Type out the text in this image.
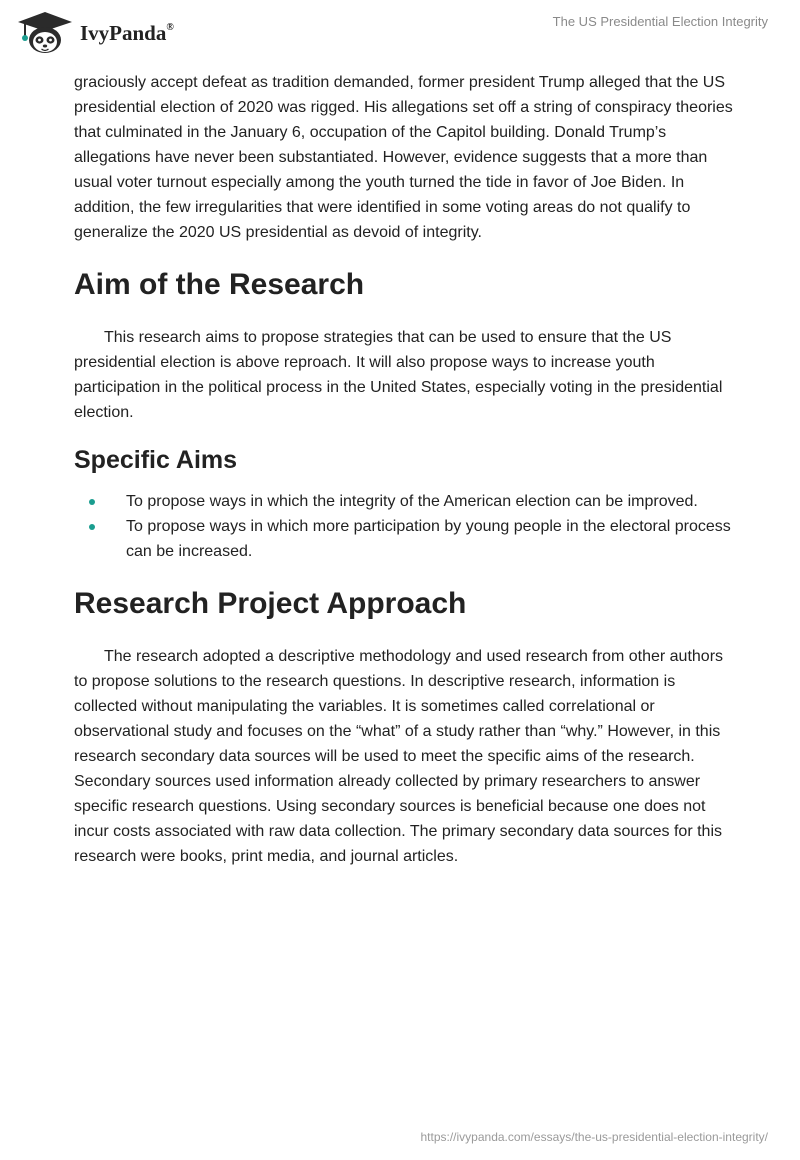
IvyPanda®	The US Presidential Election Integrity

graciously accept defeat as tradition demanded, former president Trump alleged that the US presidential election of 2020 was rigged. His allegations set off a string of conspiracy theories that culminated in the January 6, occupation of the Capitol building. Donald Trump’s allegations have never been substantiated. However, evidence suggests that a more than usual voter turnout especially among the youth turned the tide in favor of Joe Biden. In addition, the few irregularities that were identified in some voting areas do not qualify to generalize the 2020 US presidential as devoid of integrity.

Aim of the Research

This research aims to propose strategies that can be used to ensure that the US presidential election is above reproach. It will also propose ways to increase youth participation in the political process in the United States, especially voting in the presidential election.

Specific Aims
To propose ways in which the integrity of the American election can be improved.
To propose ways in which more participation by young people in the electoral process can be increased.
Research Project Approach

The research adopted a descriptive methodology and used research from other authors to propose solutions to the research questions. In descriptive research, information is collected without manipulating the variables. It is sometimes called correlational or observational study and focuses on the “what” of a study rather than “why.” However, in this research secondary data sources will be used to meet the specific aims of the research. Secondary sources used information already collected by primary researchers to answer specific research questions. Using secondary sources is beneficial because one does not incur costs associated with raw data collection. The primary secondary data sources for this research were books, print media, and journal articles.

https://ivypanda.com/essays/the-us-presidential-election-integrity/
